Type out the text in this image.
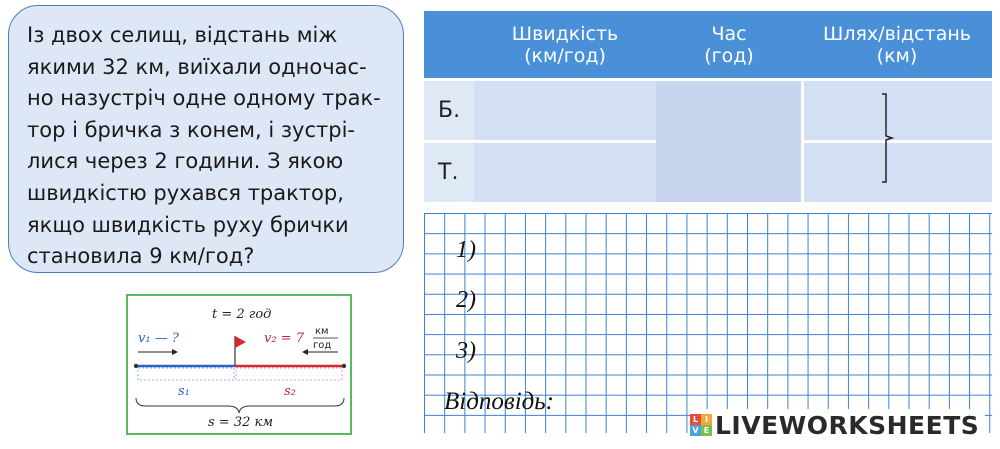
Із двох селищ, відстань між
якими 32 км, виїхали одночас-
но назустріч одне одному трак-
тор і бричка з конем, і зустрі-
лися через 2 години. З якою
швидкістю рухався трактор,
якщо швидкість руху брички
становила 9 км/год?

t = 2 год
v₁ — ?	v₂ = 7 км
год
s₁	s₂
s = 32 км
	Швидкість
(км/год)	Час
(год)	Шлях/відстань
(км)
Б.			
Т.			
1)
2)
3)
Відповідь:
L I
V E LIVEWORKSHEETS
